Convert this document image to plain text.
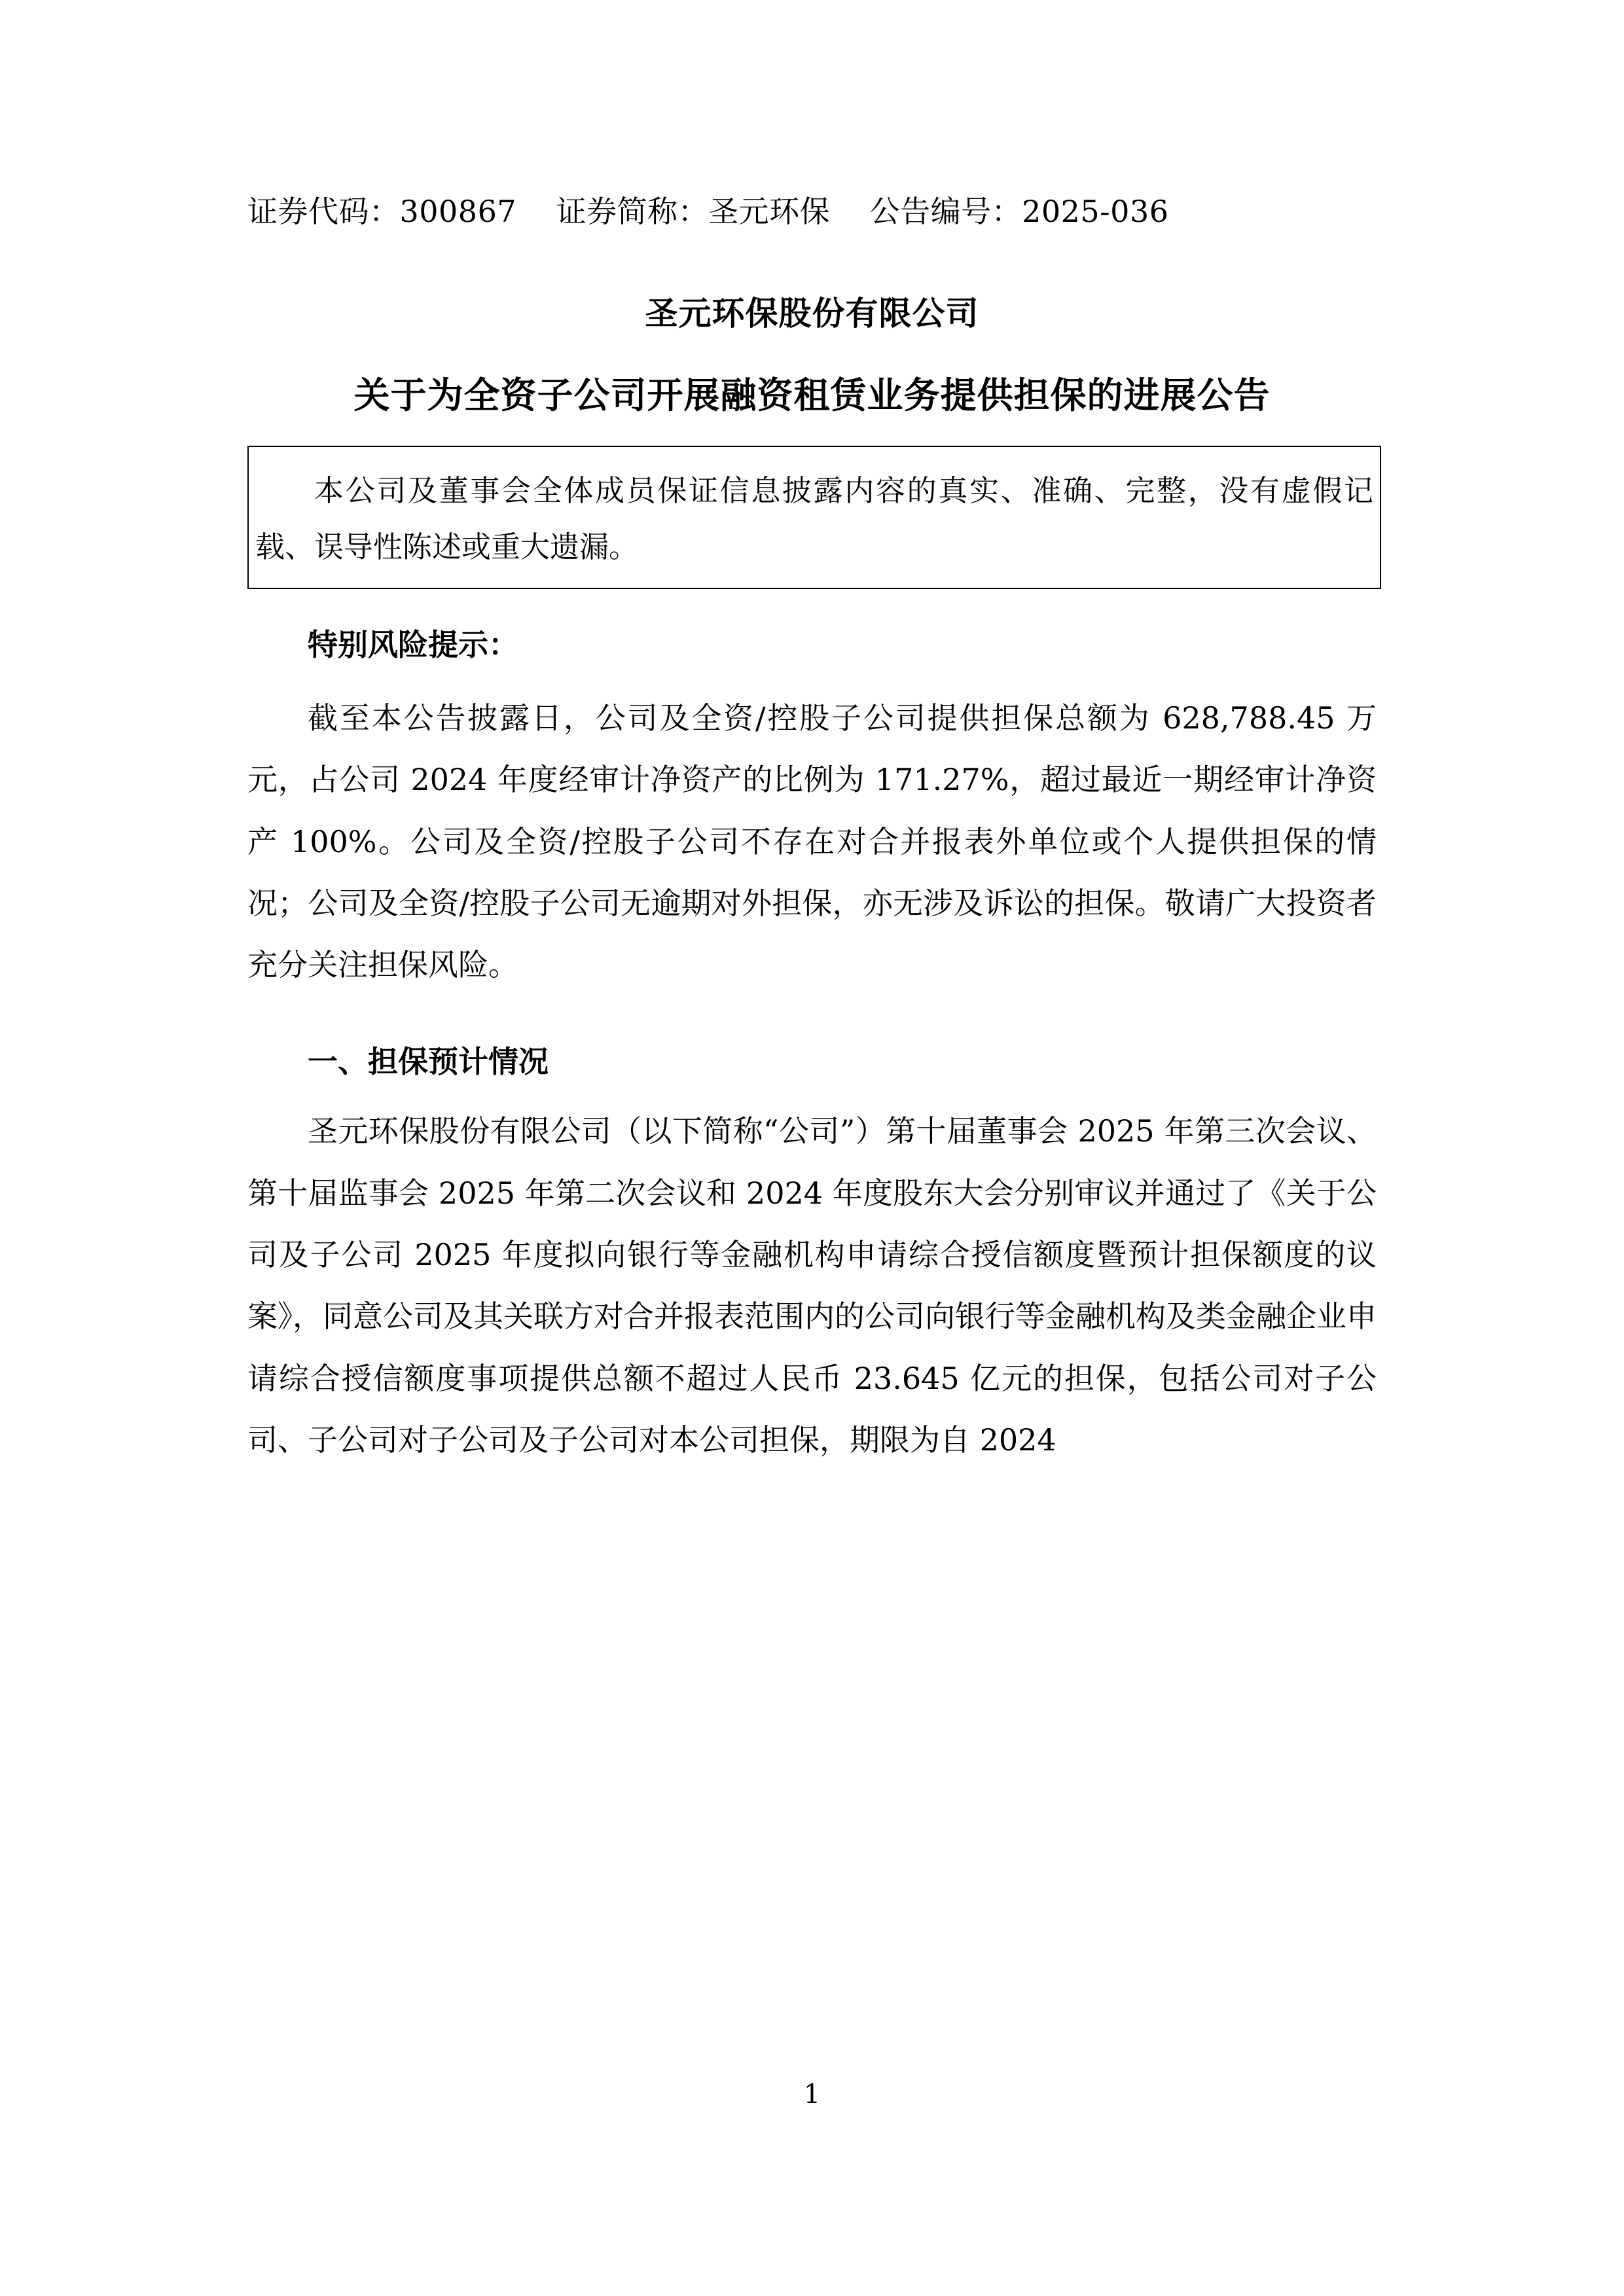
证券代码：300867    证券简称：圣元环保    公告编号：2025-036
圣元环保股份有限公司
关于为全资子公司开展融资租赁业务提供担保的进展公告

本公司及董事会全体成员保证信息披露内容的真实、准确、完整，没有虚假记载、误导性陈述或重大遗漏。

特别风险提示：

截至本公告披露日，公司及全资/控股子公司提供担保总额为 628,788.45 万元，占公司 2024 年度经审计净资产的比例为 171.27%，超过最近一期经审计净资产 100%。公司及全资/控股子公司不存在对合并报表外单位或个人提供担保的情况；公司及全资/控股子公司无逾期对外担保，亦无涉及诉讼的担保。敬请广大投资者充分关注担保风险。

一、担保预计情况

圣元环保股份有限公司（以下简称“公司”）第十届董事会 2025 年第三次会议、第十届监事会 2025 年第二次会议和 2024 年度股东大会分别审议并通过了《关于公司及子公司 2025 年度拟向银行等金融机构申请综合授信额度暨预计担保额度的议案》，同意公司及其关联方对合并报表范围内的公司向银行等金融机构及类金融企业申请综合授信额度事项提供总额不超过人民币 23.645 亿元的担保，包括公司对子公司、子公司对子公司及子公司对本公司担保，期限为自 2024

1
